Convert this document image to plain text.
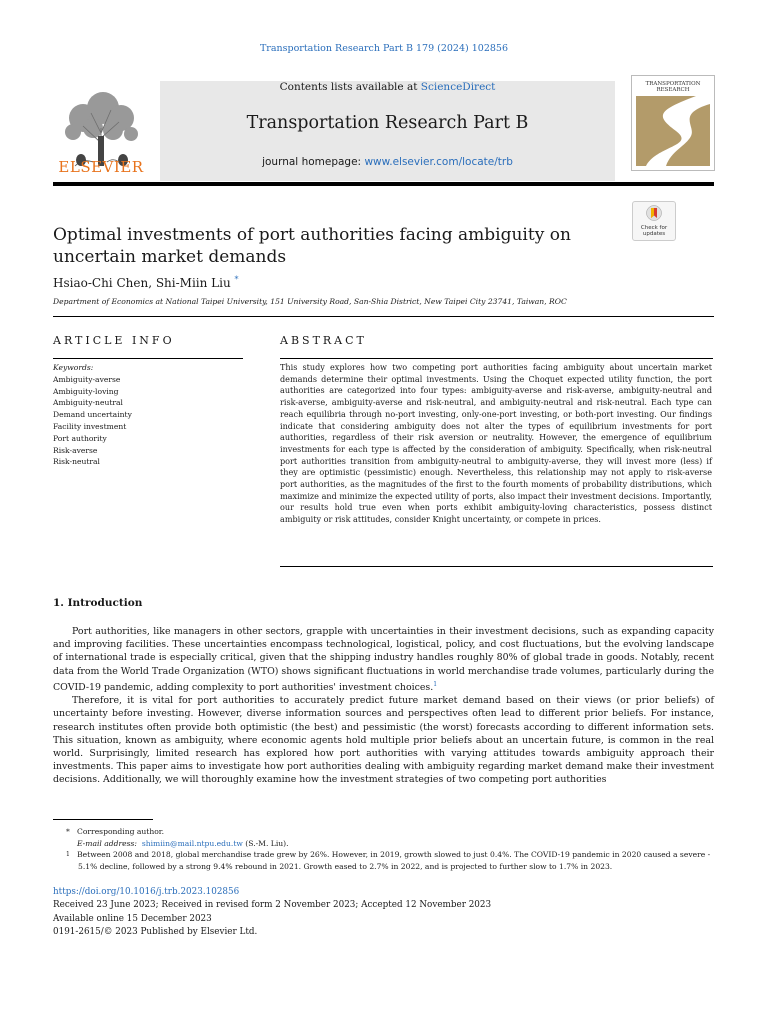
Transportation Research Part B 179 (2024) 102856
Contents lists available at ScienceDirect
Transportation Research Part B
journal homepage: www.elsevier.com/locate/trb
ELSEVIER
TRANSPORTATION
RESEARCH
Check for updates
Optimal investments of port authorities facing ambiguity on uncertain market demands
Hsiao-Chi Chen, Shi-Miin Liu *
Department of Economics at National Taipei University, 151 University Road, San-Shia District, New Taipei City 23741, Taiwan, ROC
ARTICLE INFO
Keywords:
Ambiguity-averse
Ambiguity-loving
Ambiguity-neutral
Demand uncertainty
Facility investment
Port authority
Risk-averse
Risk-neutral
ABSTRACT
This study explores how two competing port authorities facing ambiguity about uncertain market demands determine their optimal investments. Using the Choquet expected utility function, the port authorities are categorized into four types: ambiguity-averse and risk-averse, ambiguity-neutral and risk-averse, ambiguity-averse and risk-neutral, and ambiguity-neutral and risk-neutral. Each type can reach equilibria through no-port investing, only-one-port investing, or both-port investing. Our findings indicate that considering ambiguity does not alter the types of equilibrium investments for port authorities, regardless of their risk aversion or neutrality. However, the emergence of equilibrium investments for each type is affected by the consideration of ambiguity. Specifically, when risk-neutral port authorities transition from ambiguity-neutral to ambiguity-averse, they will invest more (less) if they are optimistic (pessimistic) enough. Nevertheless, this relationship may not apply to risk-averse port authorities, as the magnitudes of the first to the fourth moments of probability distributions, which maximize and minimize the expected utility of ports, also impact their investment decisions. Importantly, our results hold true even when ports exhibit ambiguity-loving characteristics, possess distinct ambiguity or risk attitudes, consider Knight uncertainty, or compete in prices.
1. Introduction

Port authorities, like managers in other sectors, grapple with uncertainties in their investment decisions, such as expanding capacity and improving facilities. These uncertainties encompass technological, logistical, policy, and cost fluctuations, but the evolving landscape of international trade is especially critical, given that the shipping industry handles roughly 80% of global trade in goods. Notably, recent data from the World Trade Organization (WTO) shows significant fluctuations in world merchandise trade volumes, particularly during the COVID-19 pandemic, adding complexity to port authorities' investment choices.$^1$

Therefore, it is vital for port authorities to accurately predict future market demand based on their views (or prior beliefs) of uncertainty before investing. However, diverse information sources and perspectives often lead to different prior beliefs. For instance, research institutes often provide both optimistic (the best) and pessimistic (the worst) forecasts according to different information sets. This situation, known as ambiguity, where economic agents hold multiple prior beliefs about an uncertain future, is common in the real world. Surprisingly, limited research has explored how port authorities with varying attitudes towards ambiguity approach their investments. This paper aims to investigate how port authorities dealing with ambiguity regarding market demand make their investment decisions. Additionally, we will thoroughly examine how the investment strategies of two competing port authorities

* Corresponding author.
E-mail address: shimiin@mail.ntpu.edu.tw (S.-M. Liu).
$^1$ Between 2008 and 2018, global merchandise trade grew by 26%. However, in 2019, growth slowed to just 0.4%. The COVID-19 pandemic in 2020 caused a severe - 5.1% decline, followed by a strong 9.4% rebound in 2021. Growth eased to 2.7% in 2022, and is projected to further slow to 1.7% in 2023.
https://doi.org/10.1016/j.trb.2023.102856
Received 23 June 2023; Received in revised form 2 November 2023; Accepted 12 November 2023
Available online 15 December 2023
0191-2615/© 2023 Published by Elsevier Ltd.
